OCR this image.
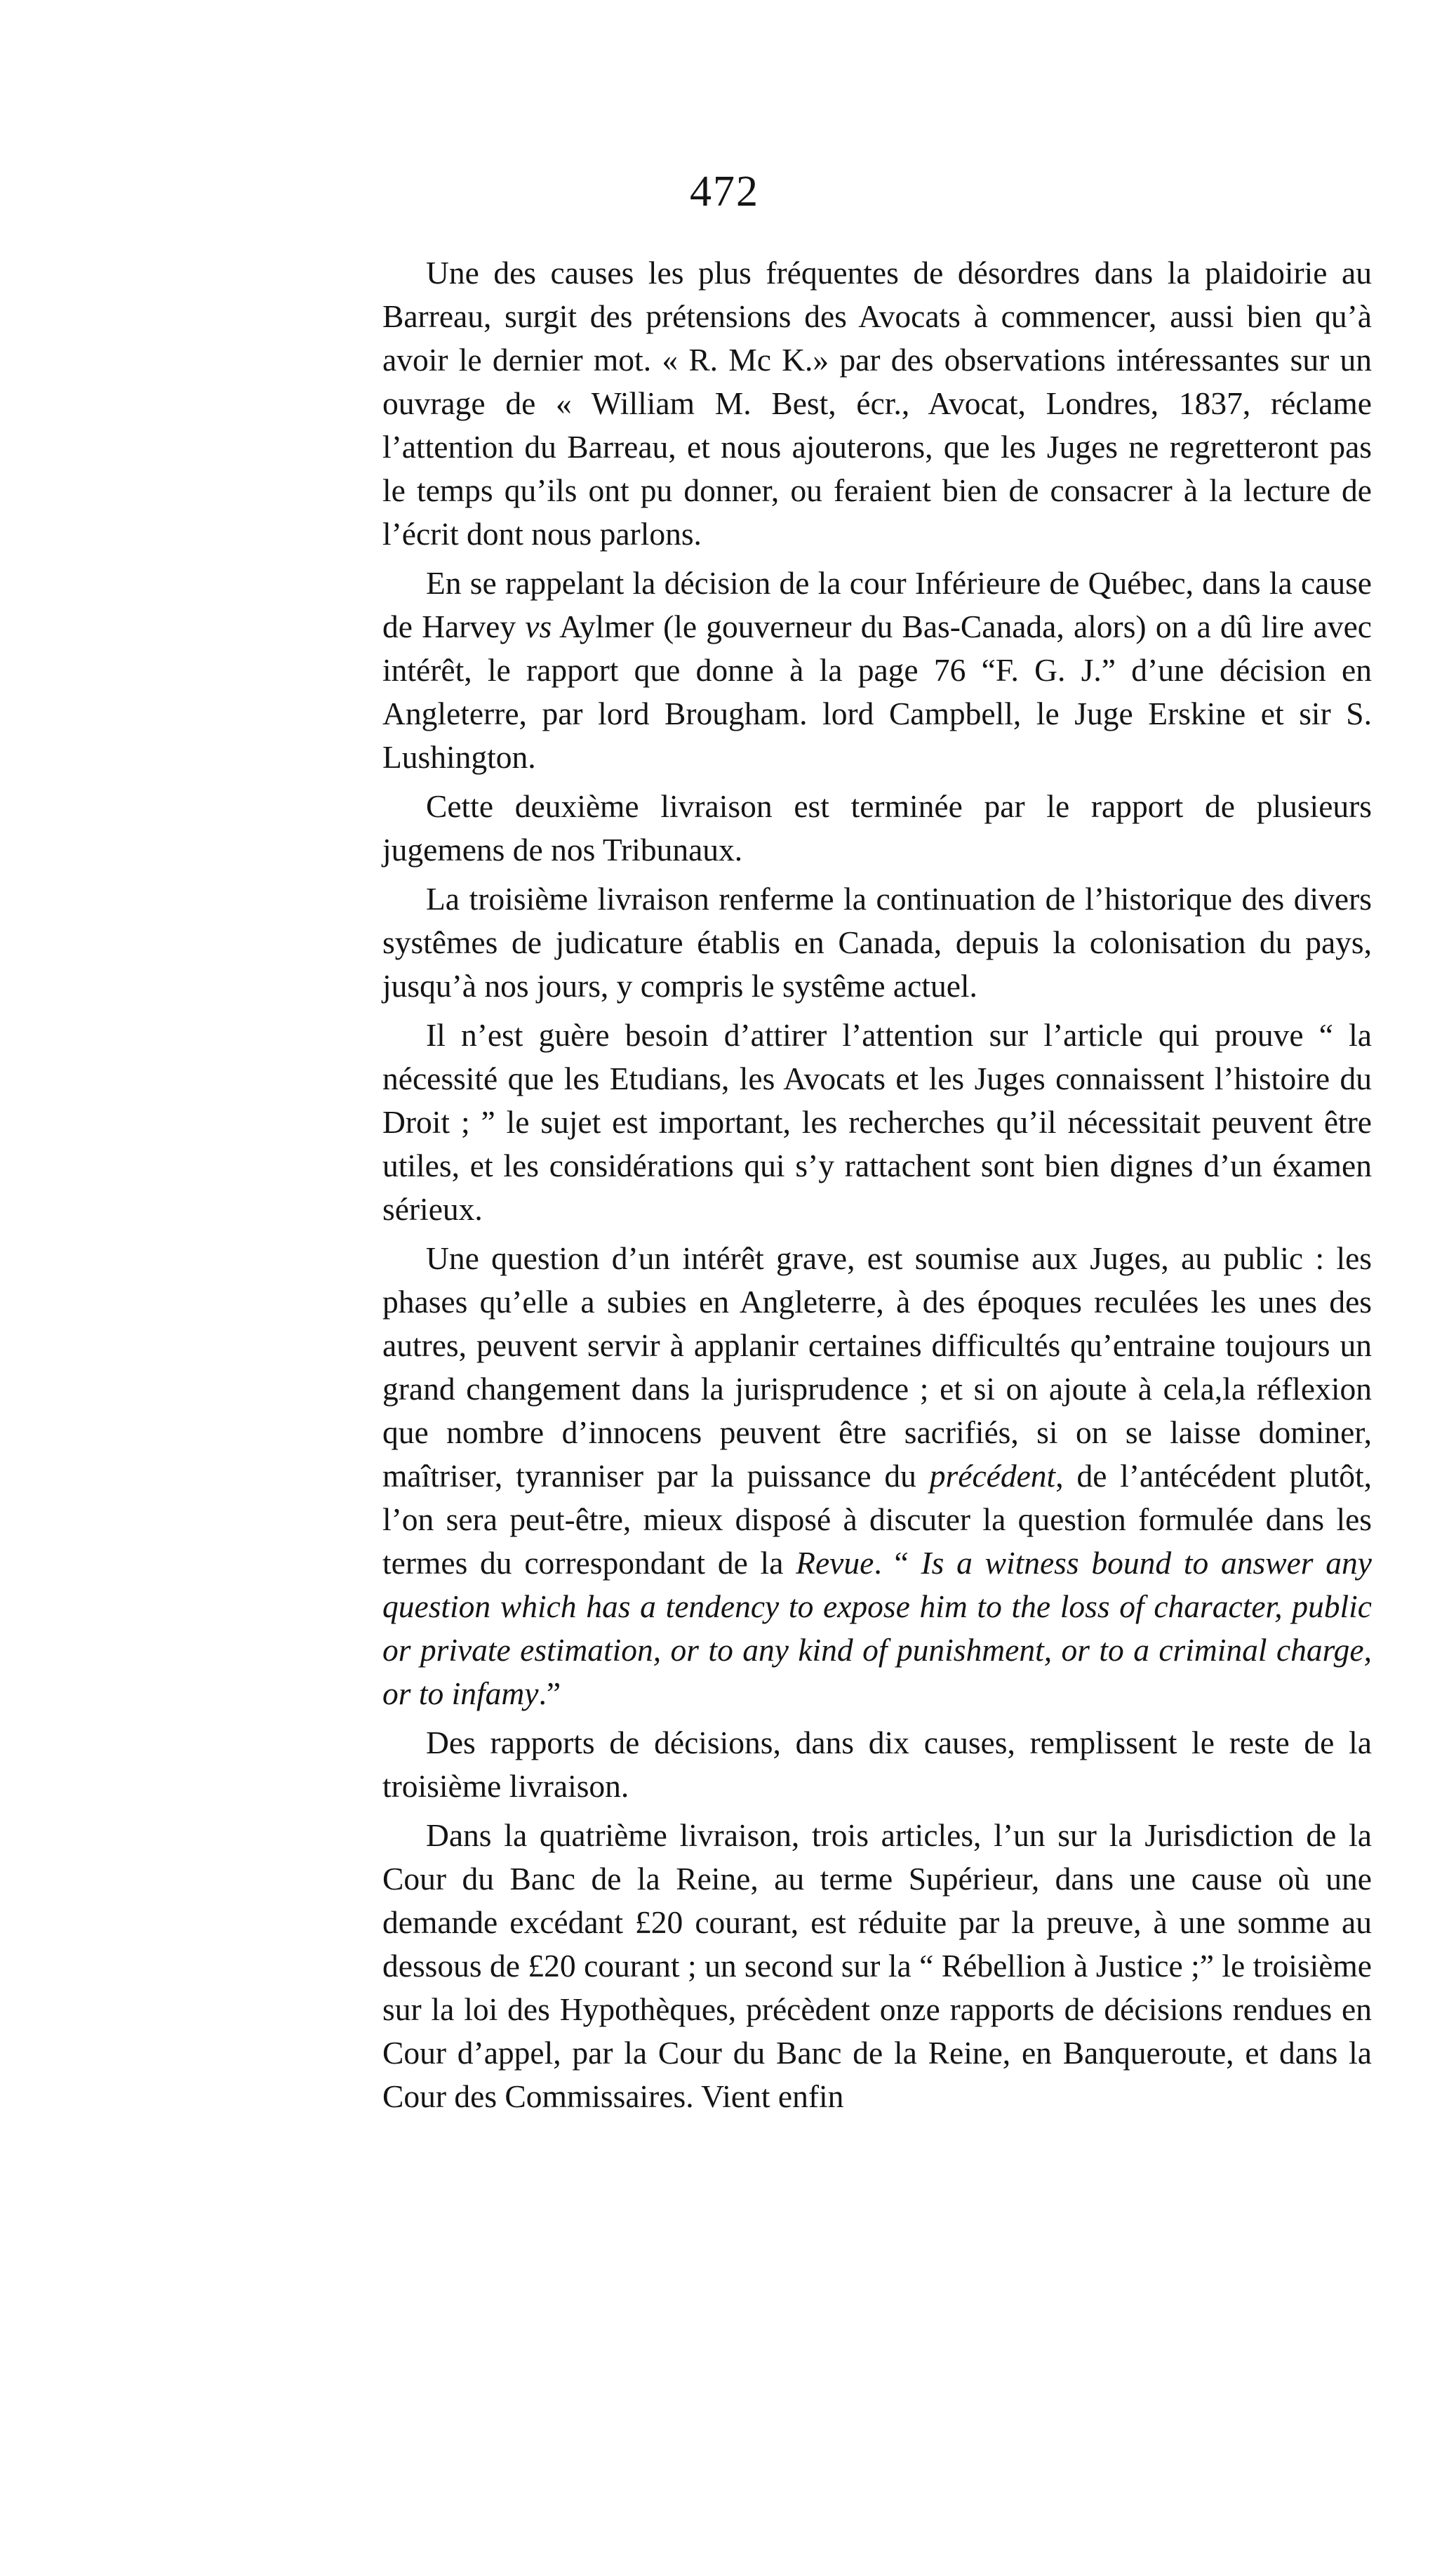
472

Une des causes les plus fréquentes de désordres dans la plaidoirie au Barreau, surgit des prétensions des Avocats à commencer, aussi bien qu’à avoir le dernier mot. « R. Mc K.» par des observations intéressantes sur un ouvrage de « William M. Best, écr., Avocat, Londres, 1837, réclame l’attention du Barreau, et nous ajouterons, que les Juges ne regretteront pas le temps qu’ils ont pu donner, ou feraient bien de consacrer à la lecture de l’écrit dont nous parlons.

En se rappelant la décision de la cour Inférieure de Québec, dans la cause de Harvey vs Aylmer (le gouverneur du Bas-Canada, alors) on a dû lire avec intérêt, le rapport que donne à la page 76 “F. G. J.” d’une décision en Angleterre, par lord Brougham. lord Campbell, le Juge Erskine et sir S. Lushington.

Cette deuxième livraison est terminée par le rapport de plusieurs jugemens de nos Tribunaux.

La troisième livraison renferme la continuation de l’historique des divers systêmes de judicature établis en Canada, depuis la colonisation du pays, jusqu’à nos jours, y compris le systême actuel.

Il n’est guère besoin d’attirer l’attention sur l’article qui prouve “ la nécessité que les Etudians, les Avocats et les Juges connaissent l’histoire du Droit ; ” le sujet est important, les recherches qu’il nécessitait peuvent être utiles, et les considérations qui s’y rattachent sont bien dignes d’un éxamen sérieux.

Une question d’un intérêt grave, est soumise aux Juges, au public : les phases qu’elle a subies en Angleterre, à des époques reculées les unes des autres, peuvent servir à applanir certaines difficultés qu’entraine toujours un grand changement dans la jurisprudence ; et si on ajoute à cela,la réflexion que nombre d’innocens peuvent être sacrifiés, si on se laisse dominer, maîtriser, tyranniser par la puissance du précédent, de l’antécédent plutôt, l’on sera peut-être, mieux disposé à discuter la question formulée dans les termes du correspondant de la Revue. “ Is a witness bound to answer any question which has a tendency to expose him to the loss of character, public or private estimation, or to any kind of punishment, or to a criminal charge, or to infamy.”

Des rapports de décisions, dans dix causes, remplissent le reste de la troisième livraison.

Dans la quatrième livraison, trois articles, l’un sur la Jurisdiction de la Cour du Banc de la Reine, au terme Supérieur, dans une cause où une demande excédant £20 courant, est réduite par la preuve, à une somme au dessous de £20 courant ; un second sur la “ Rébellion à Justice ;” le troisième sur la loi des Hypothèques, précèdent onze rapports de décisions rendues en Cour d’appel, par la Cour du Banc de la Reine, en Banqueroute, et dans la Cour des Commissaires. Vient enfin
